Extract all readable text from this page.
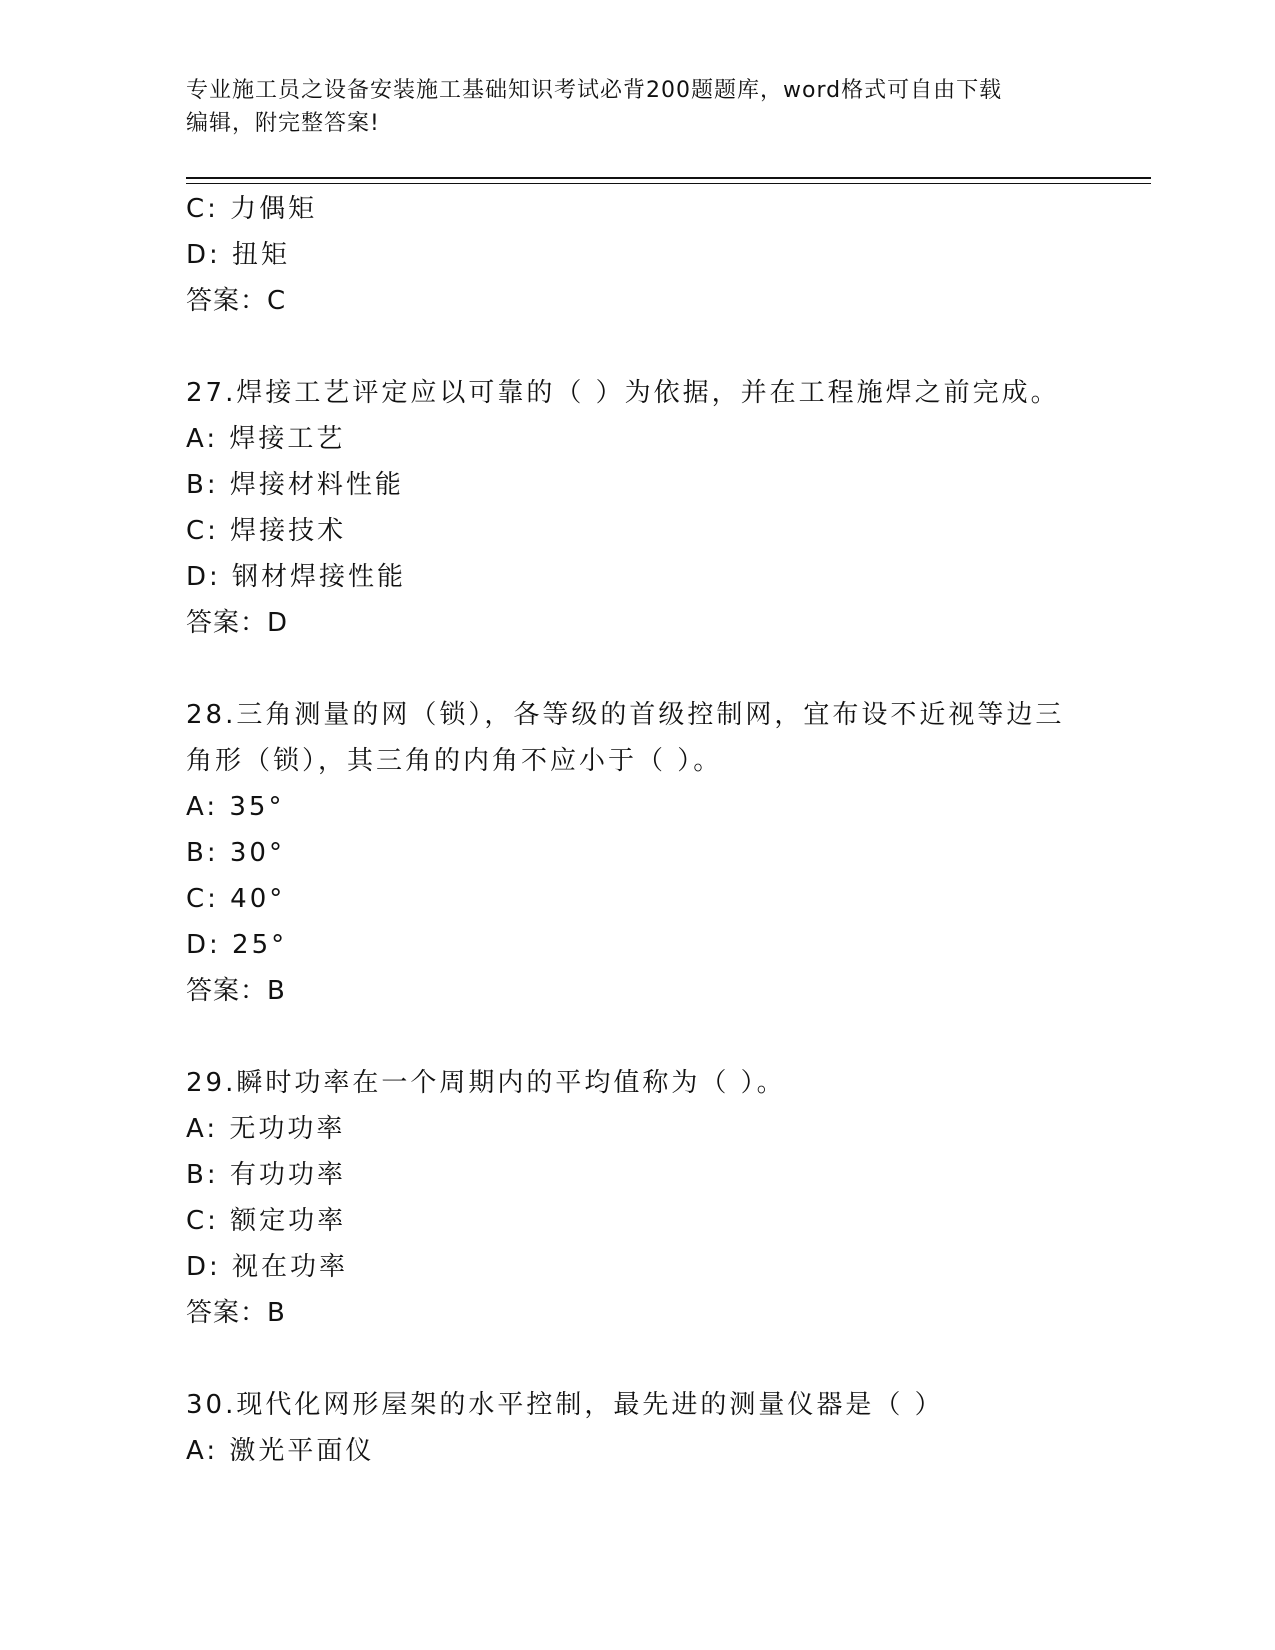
专业施工员之设备安装施工基础知识考试必背200题题库，word格式可自由下载
编辑，附完整答案!
C: 力偶矩
D: 扭矩
答案：C
27.焊接工艺评定应以可靠的（ ）为依据，并在工程施焊之前完成。
A: 焊接工艺
B: 焊接材料性能
C: 焊接技术
D: 钢材焊接性能
答案：D
28.三角测量的网（锁），各等级的首级控制网，宜布设不近视等边三
角形（锁），其三角的内角不应小于（ ）。
A: 35°
B: 30°
C: 40°
D: 25°
答案：B
29.瞬时功率在一个周期内的平均值称为（ ）。
A: 无功功率
B: 有功功率
C: 额定功率
D: 视在功率
答案：B
30.现代化网形屋架的水平控制，最先进的测量仪器是（ ）
A: 激光平面仪
